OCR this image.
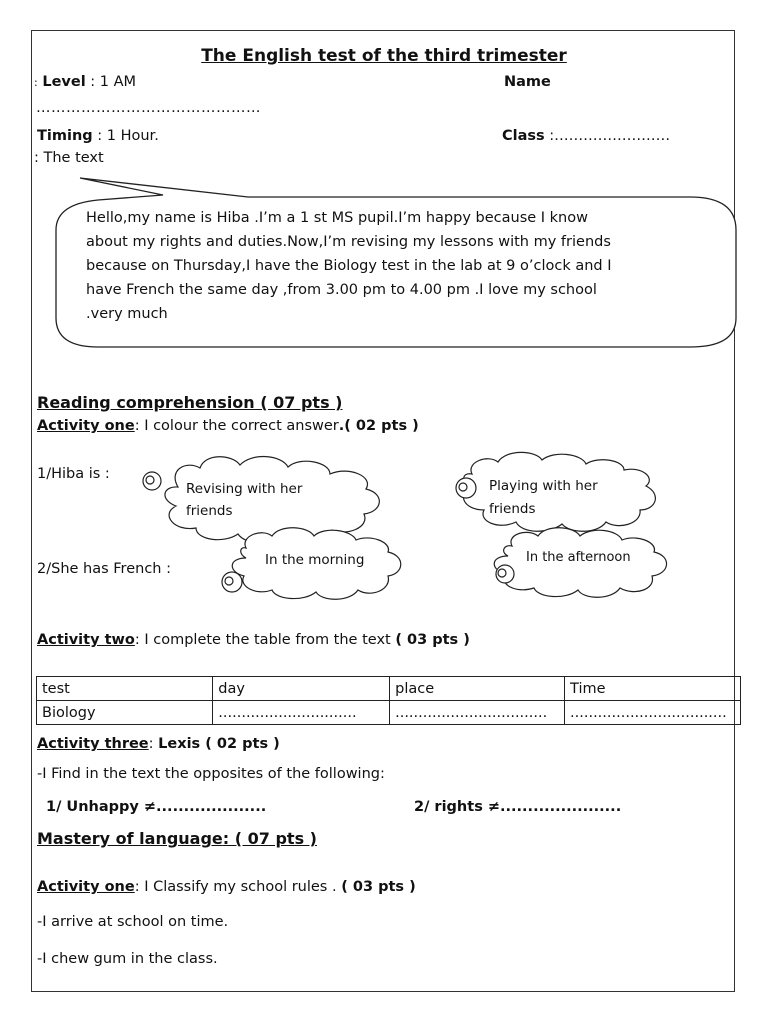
The English test of the third trimester
: Level : 1 AM	Name
………………………………………
Timing : 1 Hour.	Class :……………………
: The text
Hello,my name is Hiba .I’m a 1 st MS pupil.I’m happy because I know
about my rights and duties.Now,I’m revising my lessons with my friends
because on Thursday,I have the Biology test in the lab at 9 o’clock and I
have French the same day ,from 3.00 pm to 4.00 pm .I love my school
.very much
Reading comprehension ( 07 pts )
Activity one: I colour the correct answer.( 02 pts )
1/Hiba is :
Revising with her
friends
Playing with her
friends
2/She has French :
In the morning	In the afternoon
Activity two: I complete the table from the text ( 03 pts )
test	day	place	Time
Biology	..............................	.................................	..................................
Activity three: Lexis ( 02 pts )
-I Find in the text the opposites of the following:
1/ Unhappy ≠....................	2/ rights ≠......................
Mastery of language: ( 07 pts )
Activity one: I Classify my school rules . ( 03 pts )
-I arrive at school on time.
-I chew gum in the class.
